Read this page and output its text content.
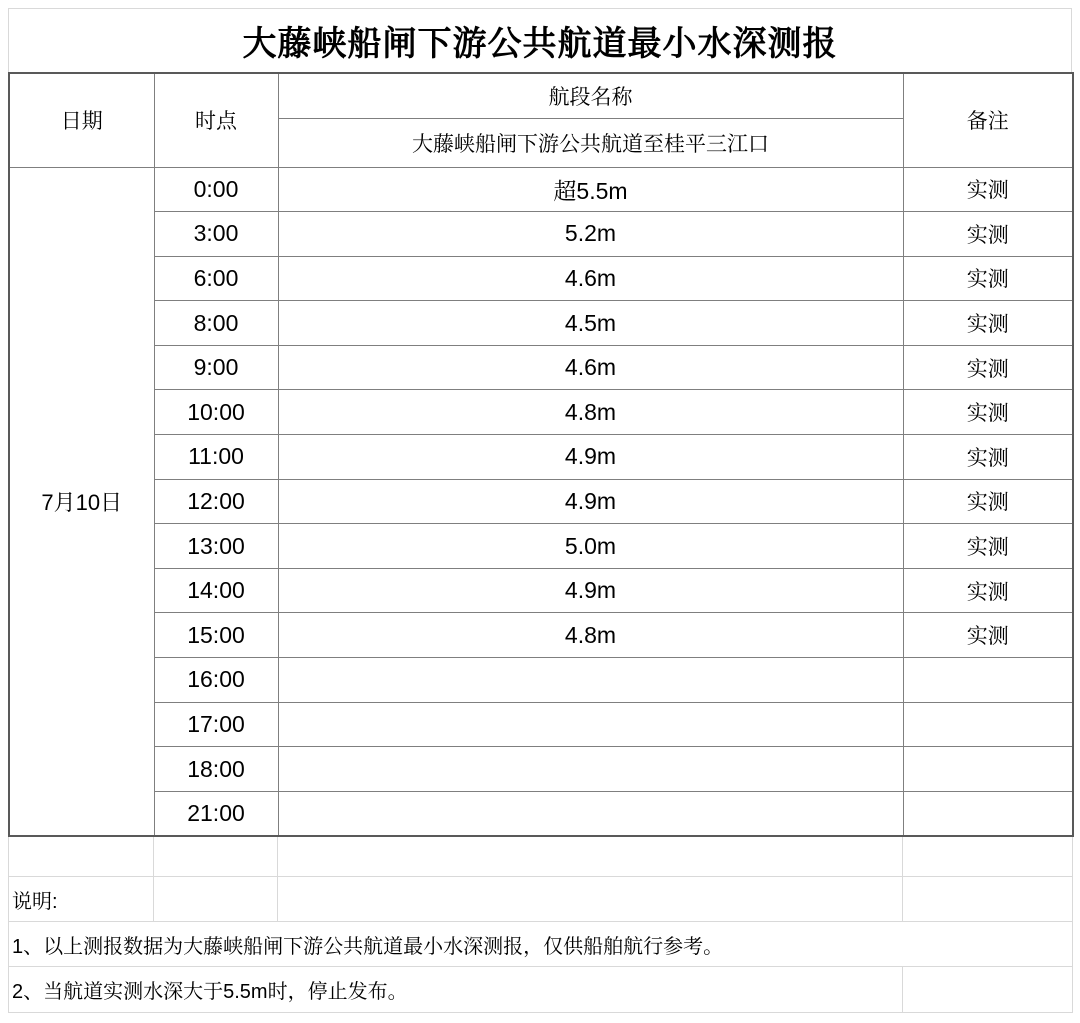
大藤峡船闸下游公共航道最小水深测报
日期	时点	航段名称	备注
		大藤峡船闸下游公共航道至桂平三江口	
7月10日	0:00	超5.5m	实测
	3:00	5.2m	实测
	6:00	4.6m	实测
	8:00	4.5m	实测
	9:00	4.6m	实测
	10:00	4.8m	实测
	11:00	4.9m	实测
	12:00	4.9m	实测
	13:00	5.0m	实测
	14:00	4.9m	实测
	15:00	4.8m	实测
	16:00		
	17:00		
	18:00		
	21:00		

说明:			
1、以上测报数据为大藤峡船闸下游公共航道最小水深测报，仅供船舶航行参考。			
2、当航道实测水深大于5.5m时，停止发布。			
